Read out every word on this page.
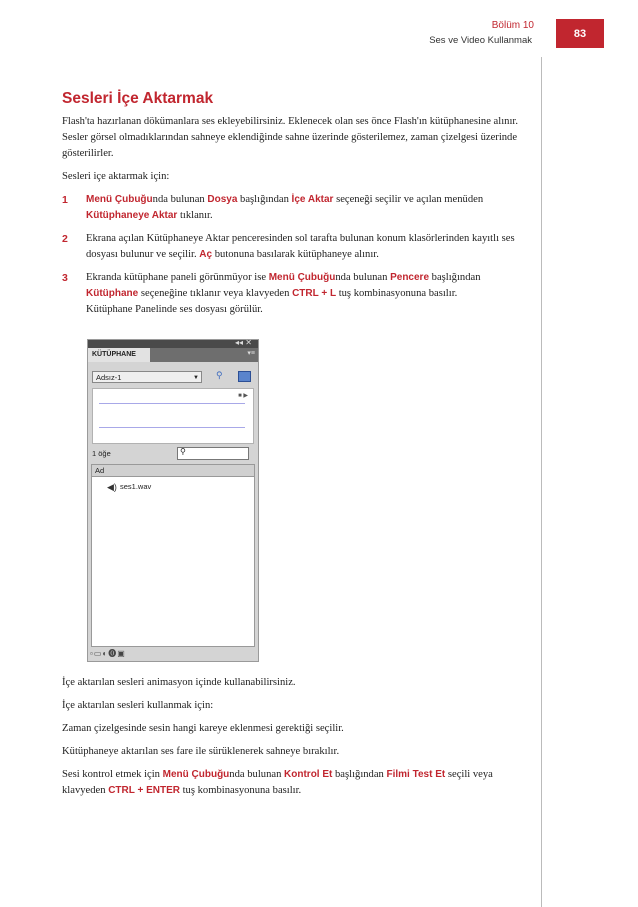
Bölüm 10
Ses ve Video Kullanmak
83
Sesleri İçe Aktarmak

Flash'ta hazırlanan dökümanlara ses ekleyebilirsiniz. Eklenecek olan ses önce Flash'ın kütüphanesine alınır. Sesler görsel olmadıklarından sahneye eklendiğinde sahne üzerinde gösterilemez, zaman çizelgesi üzerinde gösterilirler.

Sesleri içe aktarmak için:

1 Menü Çubuğunda bulunan Dosya başlığından İçe Aktar seçeneği seçilir ve açılan menüden Kütüphaneye Aktar tıklanır.
2 Ekrana açılan Kütüphaneye Aktar penceresinden sol tarafta bulunan konum klasörlerinden kayıtlı ses dosyası bulunur ve seçilir. Aç butonuna basılarak kütüphaneye alınır.
3 Ekranda kütüphane paneli görünmüyor ise Menü Çubuğunda bulunan Pencere başlığından Kütüphane seçeneğine tıklanır veya klavyeden CTRL + L tuş kombinasyonuna basılır.
Kütüphane Panelinde ses dosyası görülür.
◂◂ ✕
KÜTÜPHANE	▾≡
Adsız-1	▼ ⚲
■ ▶
1 öğe	⚲
Ad
◀) ses1.wav
▫▭◐⓿▣

İçe aktarılan sesleri animasyon içinde kullanabilirsiniz.

İçe aktarılan sesleri kullanmak için:

Zaman çizelgesinde sesin hangi kareye eklenmesi gerektiği seçilir.

Kütüphaneye aktarılan ses fare ile sürüklenerek sahneye bırakılır.

Sesi kontrol etmek için Menü Çubuğunda bulunan Kontrol Et başlığından Filmi Test Et seçili veya klavyeden CTRL + ENTER tuş kombinasyonuna basılır.
